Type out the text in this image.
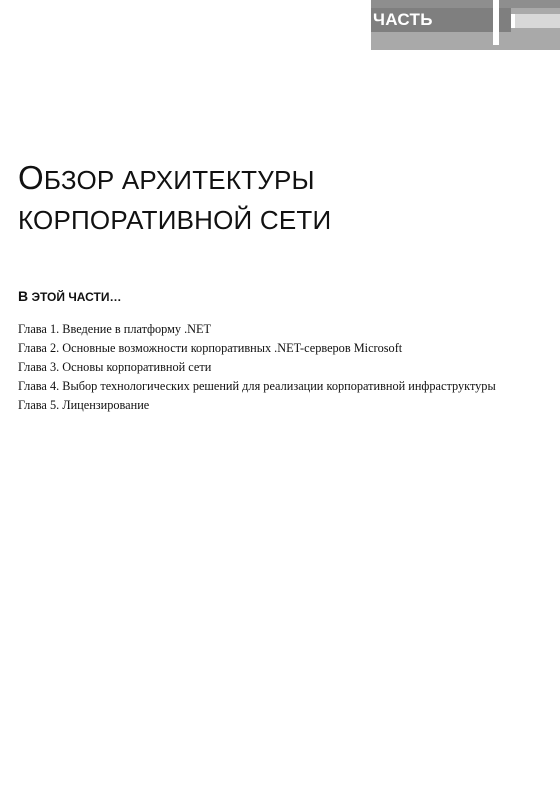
ЧАСТЬ
ОБЗОР АРХИТЕКТУРЫ
КОРПОРАТИВНОЙ СЕТИ
В ЭТОЙ ЧАСТИ…
Глава 1. Введение в платформу .NET
Глава 2. Основные возможности корпоративных .NET-серверов Microsoft
Глава 3. Основы корпоративной сети
Глава 4. Выбор технологических решений для реализации корпоративной инфраструктуры
Глава 5. Лицензирование
